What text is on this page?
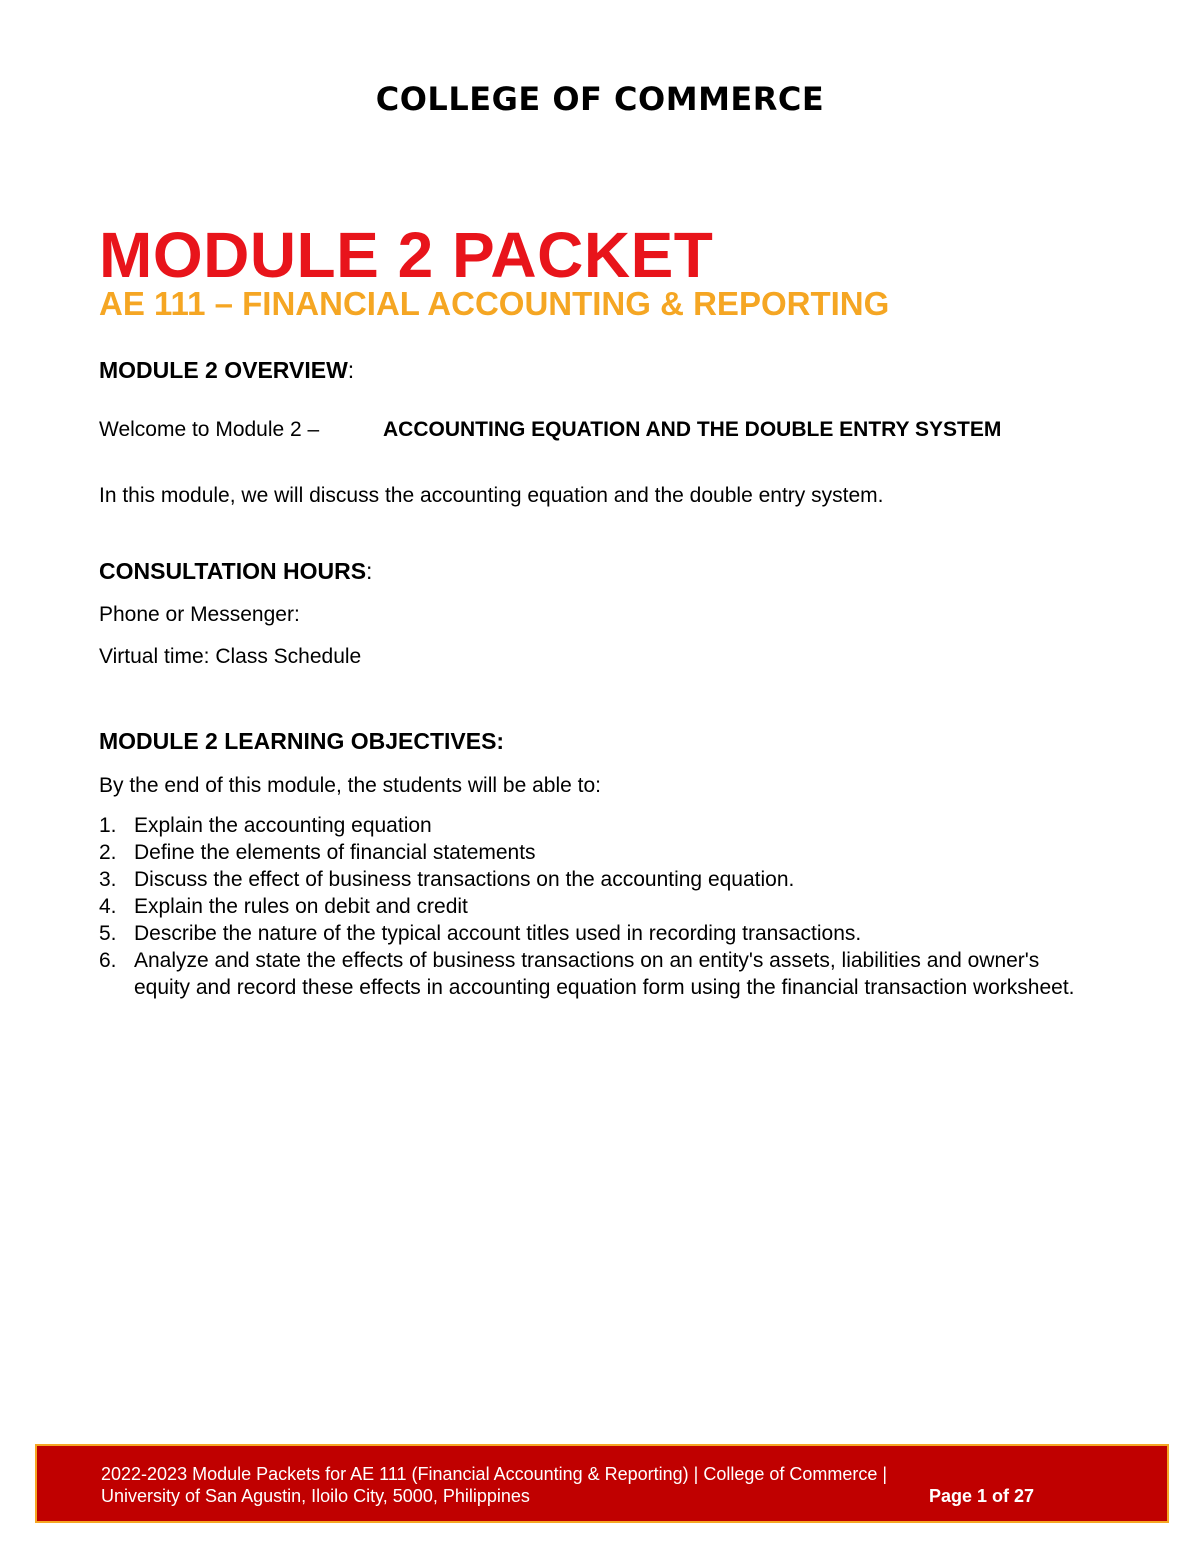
COLLEGE OF COMMERCE
MODULE 2 PACKET
AE 111 – FINANCIAL ACCOUNTING & REPORTING
MODULE 2 OVERVIEW:
Welcome to Module 2 –	ACCOUNTING EQUATION AND THE DOUBLE ENTRY SYSTEM
In this module, we will discuss the accounting equation and the double entry system.
CONSULTATION HOURS:
Phone or Messenger:
Virtual time: Class Schedule
MODULE 2 LEARNING OBJECTIVES:
By the end of this module, the students will be able to:
1. Explain the accounting equation
2. Define the elements of financial statements
3. Discuss the effect of business transactions on the accounting equation.
4. Explain the rules on debit and credit
5. Describe the nature of the typical account titles used in recording transactions.
6. Analyze and state the effects of business transactions on an entity's assets, liabilities and owner's equity and record these effects in accounting equation form using the financial transaction worksheet.
2022-2023 Module Packets for AE 111 (Financial Accounting & Reporting) | College of Commerce |
University of San Agustin, Iloilo City, 5000, Philippines	Page 1 of 27
